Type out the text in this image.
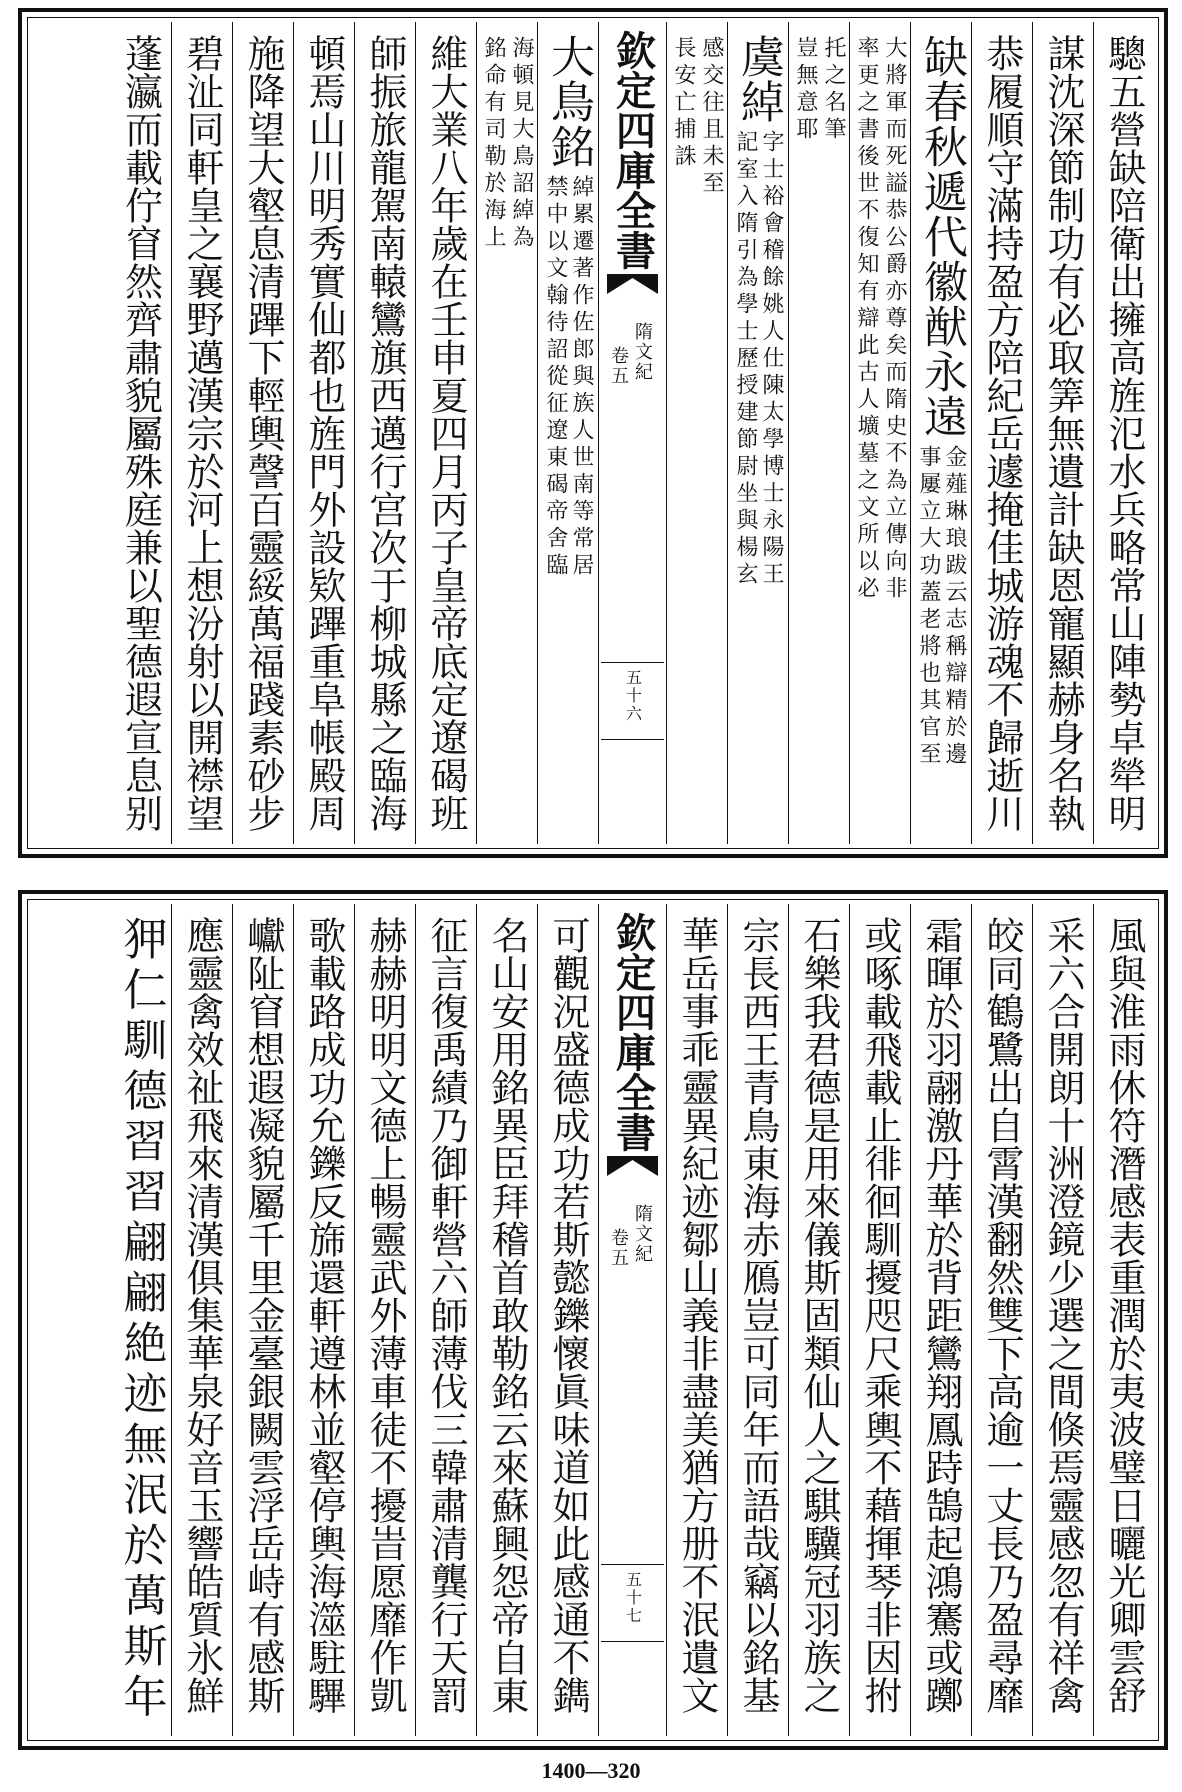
驄五營缺陪衛出擁高旌氾水兵略常山陣勢卓犖明
謀沈深節制功有必取筭無遺計缺恩寵顯赫身名執
恭履順守滿持盈方陪紀岳遽掩佳城游魂不歸逝川
缺春秋遞代徽猷永遠
金薤琳琅跋云志稱辯精於邊
事屢立大功蓋老將也其官至
大將軍而死謚恭公爵亦尊矣而隋史不為立傳向非
率更之書後世不復知有辯此古人壙墓之文所以必
托之名筆
豈無意耶
虞綽
字士裕會稽餘姚人仕陳太學博士永陽王
記室入隋引為學士歷授建節尉坐與楊玄
感交往且未至
長安亡捕誅
欽定四庫全書
隋文紀
卷五
五十六
大鳥銘
綽累遷著作佐郎與族人世南等常居
禁中以文翰待詔從征遼東碣帝舍臨
海頓見大鳥詔綽為
銘命有司勒於海上
維大業八年歲在壬申夏四月丙子皇帝底定遼碣班
師振旅龍駕南轅鸞旗西邁行宫次于柳城縣之臨海
頓焉山川明秀實仙都也旌門外設欵蹕重阜帳殿周
施降望大壑息清蹕下輕輿謦百靈綏萬福踐素砂步
碧沚同軒皇之襄野邁漢宗於河上想汾射以開襟望
蓬瀛而載佇窅然齊肅貌屬殊庭兼以聖德遐宣息别
風與淮雨休符潛感表重潤於夷波璧日曬光卿雲舒
采六合開朗十洲澄鏡少選之間倏焉靈感忽有祥禽
皎同鶴鷺出自霄漢翻然雙下高逾一丈長乃盈尋靡
霜暉於羽翮激丹華於背距鸞翔鳳跱鵠起鴻騫或躑
或啄載飛載止徘徊馴擾咫尺乘輿不藉揮琴非因拊
石樂我君德是用來儀斯固類仙人之騏驥冠羽族之
宗長西王青鳥東海赤鴈豈可同年而語哉竊以銘基
華岳事乖靈異紀迹鄒山義非盡美猶方册不泯遺文
欽定四庫全書
隋文紀
卷五
五十七
可觀況盛德成功若斯懿鑠懷眞味道如此感通不鐫
名山安用銘異臣拜稽首敢勒銘云來蘇興怨帝自東
征言復禹績乃御軒營六師薄伐三韓肅清龔行天罰
赫赫明明文德上暢靈武外薄車徒不擾旹愿靡作凱
歌載路成功允鑠反旆還軒遵林並壑停輿海澨駐驆
巘阯窅想遐凝貌屬千里金臺銀闕雲浮岳峙有感斯
應靈禽效祉飛來清漢俱集華泉好音玉響皓質氷鮮
狎仁馴德習習翩翩絶迹無泯於萬斯年
1400—320
